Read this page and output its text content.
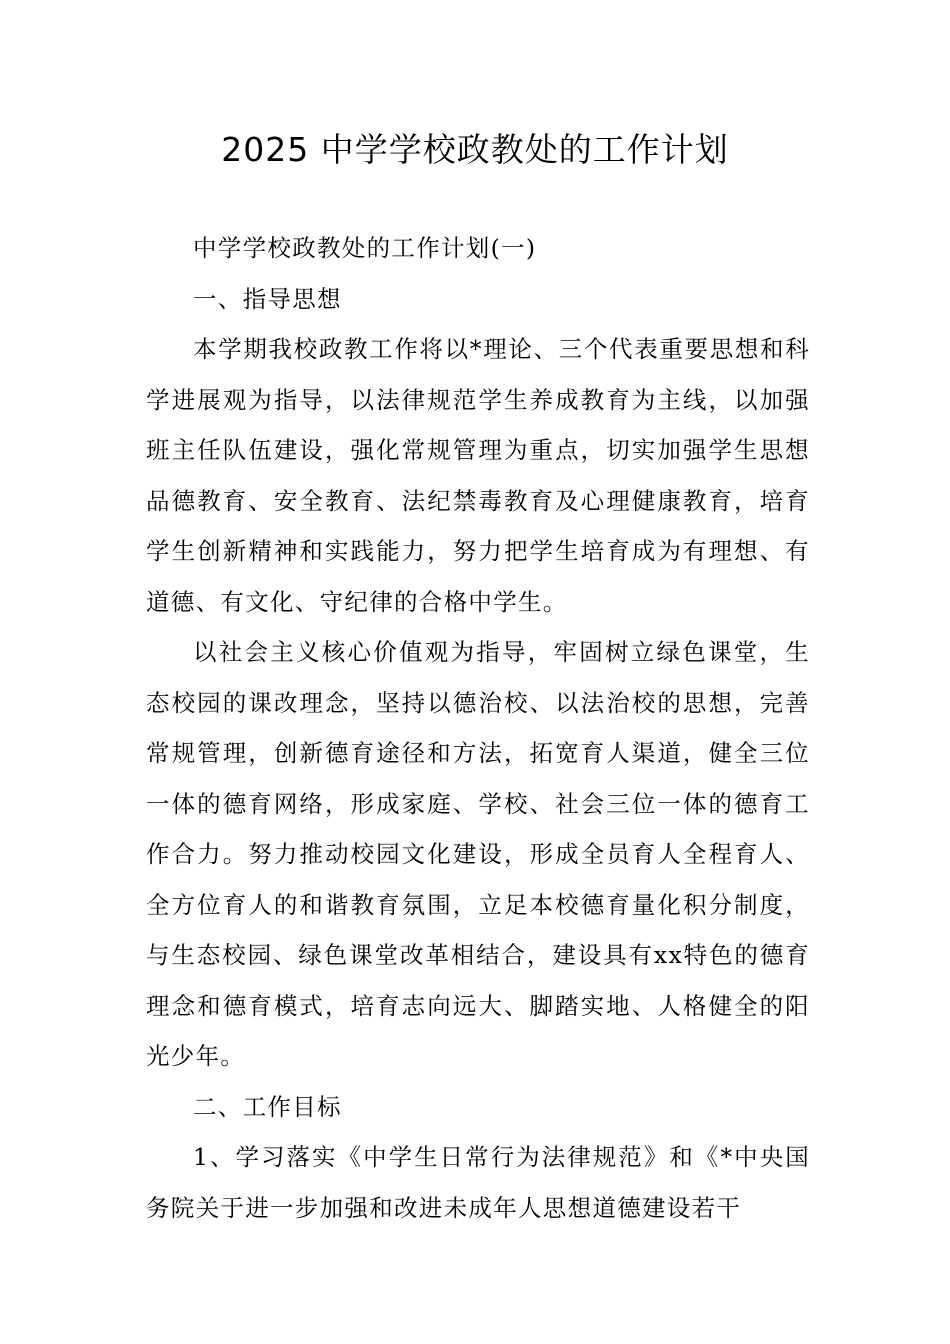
2025 中学学校政教处的工作计划

中学学校政教处的工作计划(一)

一、指导思想

本学期我校政教工作将以*理论、三个代表重要思想和科学进展观为指导，以法律规范学生养成教育为主线，以加强班主任队伍建设，强化常规管理为重点，切实加强学生思想品德教育、安全教育、法纪禁毒教育及心理健康教育，培育学生创新精神和实践能力，努力把学生培育成为有理想、有道德、有文化、守纪律的合格中学生。

以社会主义核心价值观为指导，牢固树立绿色课堂，生态校园的课改理念，坚持以德治校、以法治校的思想，完善常规管理，创新德育途径和方法，拓宽育人渠道，健全三位一体的德育网络，形成家庭、学校、社会三位一体的德育工作合力。努力推动校园文化建设，形成全员育人全程育人、全方位育人的和谐教育氛围，立足本校德育量化积分制度，与生态校园、绿色课堂改革相结合，建设具有xx特色的德育理念和德育模式，培育志向远大、脚踏实地、人格健全的阳光少年。

二、工作目标

1、学习落实《中学生日常行为法律规范》和《*中央国务院关于进一步加强和改进未成年人思想道德建设若干
